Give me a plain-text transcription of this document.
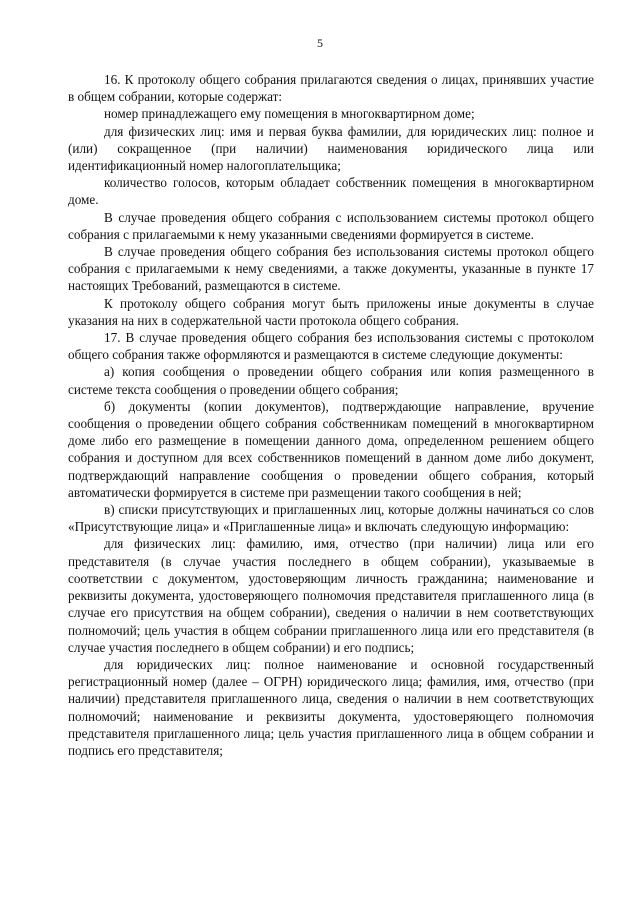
5

16. К протоколу общего собрания прилагаются сведения о лицах, принявших участие в общем собрании, которые содержат:

номер принадлежащего ему помещения в многоквартирном доме;

для физических лиц: имя и первая буква фамилии, для юридических лиц: полное и (или) сокращенное (при наличии) наименования юридического лица или идентификационный номер налогоплательщика;

количество голосов, которым обладает собственник помещения в многоквартирном доме.

В случае проведения общего собрания с использованием системы протокол общего собрания с прилагаемыми к нему указанными сведениями формируется в системе.

В случае проведения общего собрания без использования системы протокол общего собрания с прилагаемыми к нему сведениями, а также документы, указанные в пункте 17 настоящих Требований, размещаются в системе.

К протоколу общего собрания могут быть приложены иные документы в случае указания на них в содержательной части протокола общего собрания.

17. В случае проведения общего собрания без использования системы с протоколом общего собрания также оформляются и размещаются в системе следующие документы:

а) копия сообщения о проведении общего собрания или копия размещенного в системе текста сообщения о проведении общего собрания;

б) документы (копии документов), подтверждающие направление, вручение сообщения о проведении общего собрания собственникам помещений в многоквартирном доме либо его размещение в помещении данного дома, определенном решением общего собрания и доступном для всех собственников помещений в данном доме либо документ, подтверждающий направление сообщения о проведении общего собрания, который автоматически формируется в системе при размещении такого сообщения в ней;

в) списки присутствующих и приглашенных лиц, которые должны начинаться со слов «Присутствующие лица» и «Приглашенные лица» и включать следующую информацию:

для физических лиц: фамилию, имя, отчество (при наличии) лица или его представителя (в случае участия последнего в общем собрании), указываемые в соответствии с документом, удостоверяющим личность гражданина; наименование и реквизиты документа, удостоверяющего полномочия представителя приглашенного лица (в случае его присутствия на общем собрании), сведения о наличии в нем соответствующих полномочий; цель участия в общем собрании приглашенного лица или его представителя (в случае участия последнего в общем собрании) и его подпись;

для юридических лиц: полное наименование и основной государственный регистрационный номер (далее – ОГРН) юридического лица; фамилия, имя, отчество (при наличии) представителя приглашенного лица, сведения о наличии в нем соответствующих полномочий; наименование и реквизиты документа, удостоверяющего полномочия представителя приглашенного лица; цель участия приглашенного лица в общем собрании и подпись его представителя;
